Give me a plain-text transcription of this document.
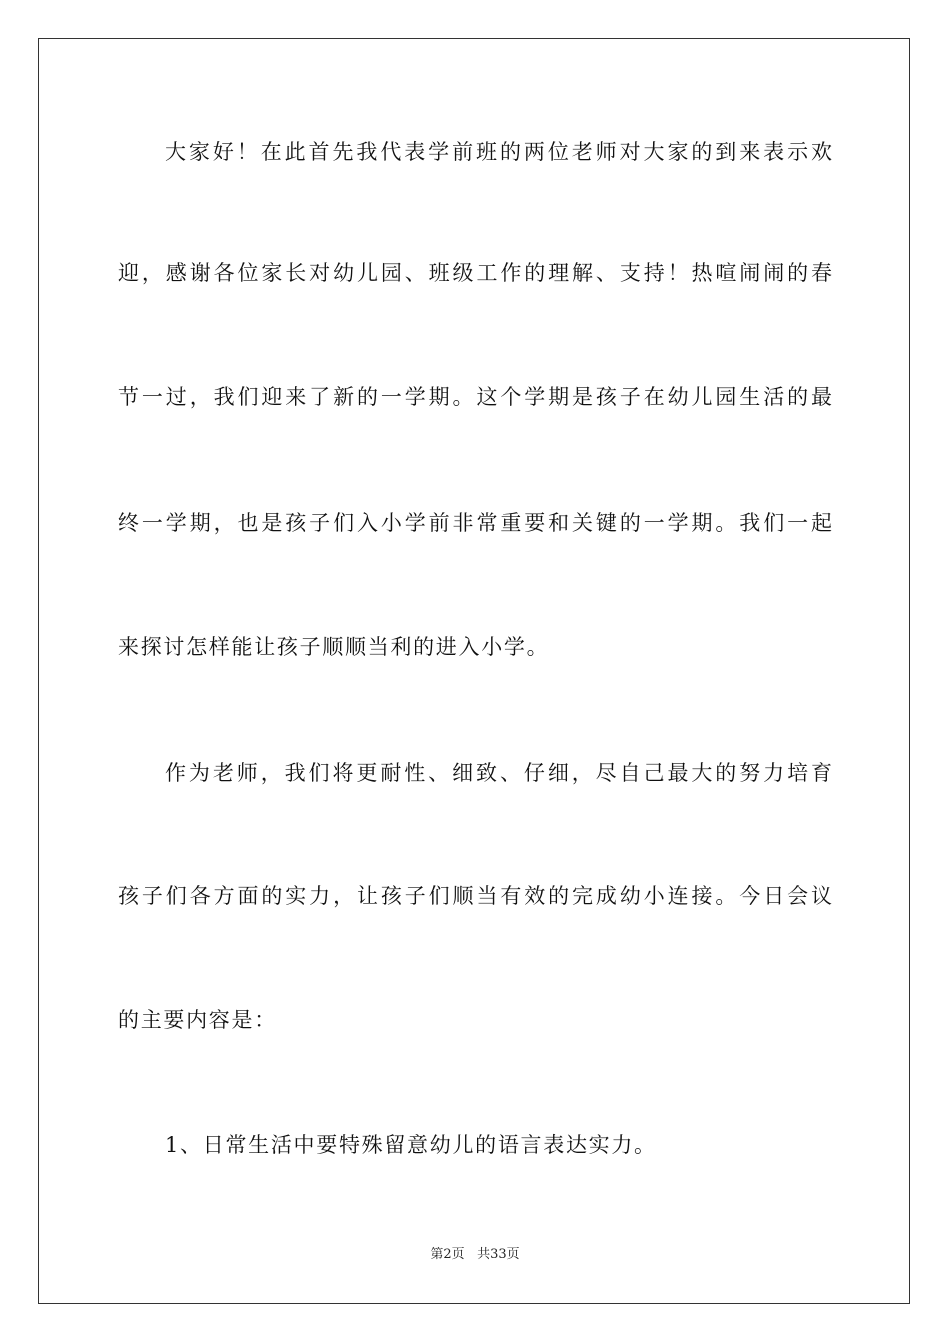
大家好！在此首先我代表学前班的两位老师对大家的到来表示欢
迎，感谢各位家长对幼儿园、班级工作的理解、支持！热喧闹闹的春
节一过，我们迎来了新的一学期。这个学期是孩子在幼儿园生活的最
终一学期，也是孩子们入小学前非常重要和关键的一学期。我们一起
来探讨怎样能让孩子顺顺当利的进入小学。
作为老师，我们将更耐性、细致、仔细，尽自己最大的努力培育
孩子们各方面的实力，让孩子们顺当有效的完成幼小连接。今日会议
的主要内容是：
1、日常生活中要特殊留意幼儿的语言表达实力。
第2页 共33页
